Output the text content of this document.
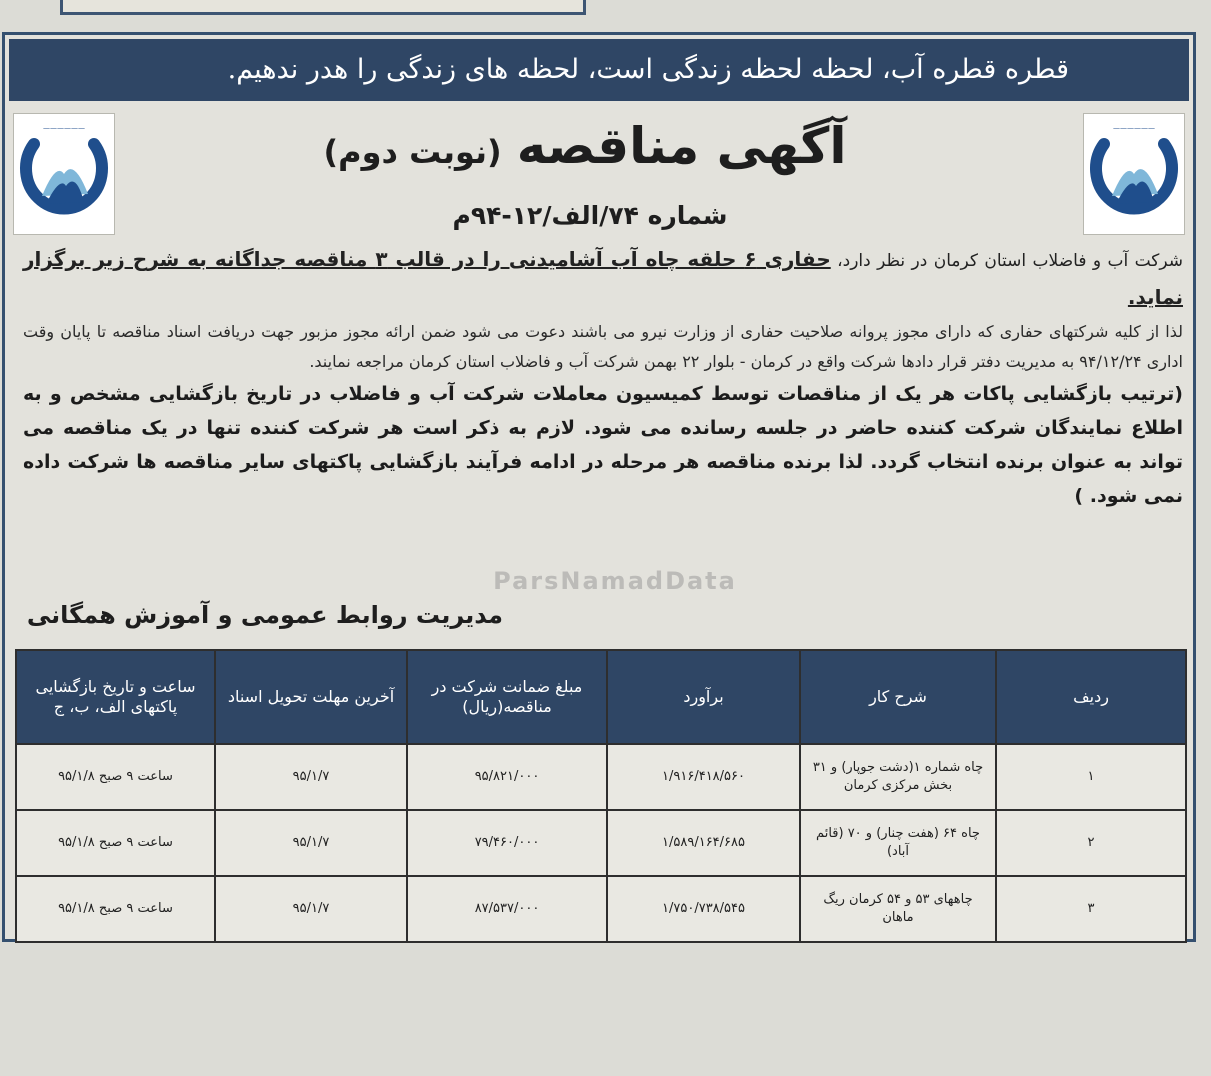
قطره قطره آب، لحظه لحظه زندگی است، لحظه های زندگی را هدر ندهیم.
——————	——————
آگهی مناقصه (نوبت دوم)
شماره ۷۴/الف/۱۲-۹۴م

شرکت آب و فاضلاب استان کرمان در نظر دارد، حفاری ۶ حلقه چاه آب آشامیدنی را در قالب ۳ مناقصه جداگانه به شرح زیر برگزار نماید.

لذا از کلیه شرکتهای حفاری که دارای مجوز پروانه صلاحیت حفاری از وزارت نیرو می باشند دعوت می شود ضمن ارائه مجوز مزبور جهت دریافت اسناد مناقصه تا پایان وقت اداری ۹۴/۱۲/۲۴ به مدیریت دفتر قرار دادها شرکت واقع در کرمان - بلوار ۲۲ بهمن شرکت آب و فاضلاب استان کرمان مراجعه نمایند.

(ترتیب بازگشایی پاکات هر یک از مناقصات توسط کمیسیون معاملات شرکت آب و فاضلاب در تاریخ بازگشایی مشخص و به اطلاع نمایندگان شرکت کننده حاضر در جلسه رسانده می شود. لازم به ذکر است هر شرکت کننده تنها در یک مناقصه می تواند به عنوان برنده انتخاب گردد. لذا برنده مناقصه هر مرحله در ادامه فرآیند بازگشایی پاکتهای سایر مناقصه ها شرکت داده نمی شود. )

ParsNamadData
مدیریت روابط عمومی و آموزش همگانی
ردیف	شرح کار	برآورد	مبلغ ضمانت شرکت در مناقصه(ریال)	آخرین مهلت تحویل اسناد	ساعت و تاریخ بازگشایی پاکتهای الف، ب، ج
۱	چاه شماره ۱(دشت جوپار) و ۳۱ بخش مرکزی کرمان	۱/۹۱۶/۴۱۸/۵۶۰	۹۵/۸۲۱/۰۰۰	۹۵/۱/۷	ساعت ۹ صبح ۹۵/۱/۸
۲	چاه ۶۴ (هفت چنار) و ۷۰ (قائم آباد)	۱/۵۸۹/۱۶۴/۶۸۵	۷۹/۴۶۰/۰۰۰	۹۵/۱/۷	ساعت ۹ صبح ۹۵/۱/۸
۳	چاههای ۵۳ و ۵۴ کرمان ریگ ماهان	۱/۷۵۰/۷۳۸/۵۴۵	۸۷/۵۳۷/۰۰۰	۹۵/۱/۷	ساعت ۹ صبح ۹۵/۱/۸
